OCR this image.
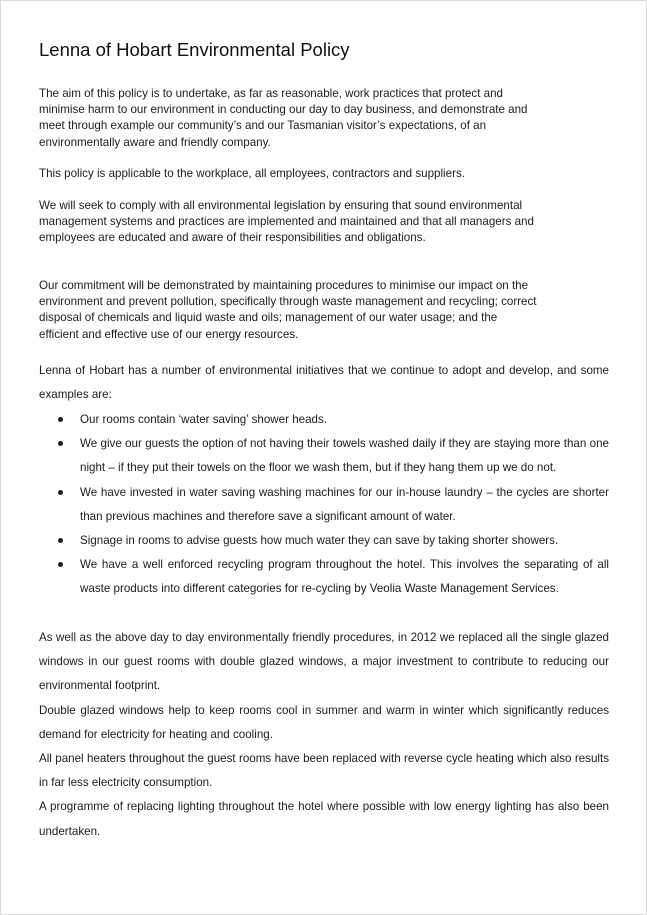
Lenna of Hobart Environmental Policy

The aim of this policy is to undertake, as far as reasonable, work practices that protect and minimise harm to our environment in conducting our day to day business, and demonstrate and meet through example our community’s and our Tasmanian visitor’s expectations, of an environmentally aware and friendly company.

This policy is applicable to the workplace, all employees, contractors and suppliers.

We will seek to comply with all environmental legislation by ensuring that sound environmental management systems and practices are implemented and maintained and that all managers and employees are educated and aware of their responsibilities and obligations.

Our commitment will be demonstrated by maintaining procedures to minimise our impact on the environment and prevent pollution, specifically through waste management and recycling; correct disposal of chemicals and liquid waste and oils; management of our water usage; and the efficient and effective use of our energy resources.

Lenna of Hobart has a number of environmental initiatives that we continue to adopt and develop, and some examples are:

Our rooms contain ‘water saving’ shower heads.
We give our guests the option of not having their towels washed daily if they are staying more than one night – if they put their towels on the floor we wash them, but if they hang them up we do not.
We have invested in water saving washing machines for our in-house laundry – the cycles are shorter than previous machines and therefore save a significant amount of water.
Signage in rooms to advise guests how much water they can save by taking shorter showers.
We have a well enforced recycling program throughout the hotel. This involves the separating of all waste products into different categories for re-cycling by Veolia Waste Management Services.
As well as the above day to day environmentally friendly procedures, in 2012 we replaced all the single glazed windows in our guest rooms with double glazed windows, a major investment to contribute to reducing our environmental footprint.
Double glazed windows help to keep rooms cool in summer and warm in winter which significantly reduces demand for electricity for heating and cooling.
All panel heaters throughout the guest rooms have been replaced with reverse cycle heating which also results in far less electricity consumption.
A programme of replacing lighting throughout the hotel where possible with low energy lighting has also been undertaken.
